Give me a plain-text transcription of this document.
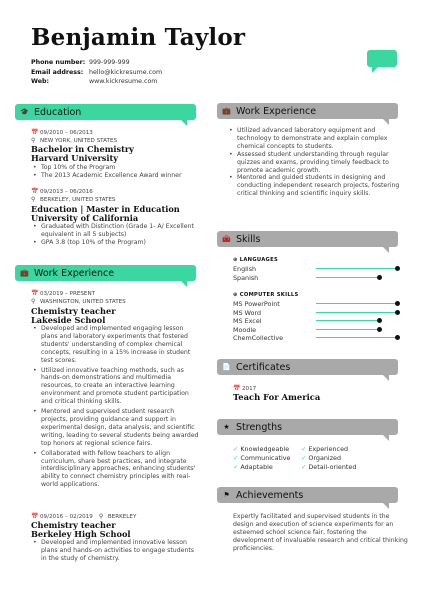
Benjamin Taylor
Phone number: 999-999-999
Email address: hello@kickresume.com
Web:	www.kickresume.com
🎓 Education
📅 09/2010 – 06/2013
⚲ NEW YORK, UNITED STATES
Bachelor in Chemistry
Harvard University
• Top 10% of the Program
• The 2013 Academic Excellence Award winner
📅 09/2013 – 06/2016
⚲ BERKELEY, UNITED STATES
Education | Master in Education
University of California
• Graduated with Distinction (Grade 1- A/ Excellent equivalent in all 5 subjects)
• GPA 3.8 (top 10% of the Program)
💼 Work Experience
📅 03/2019 – PRESENT
⚲ WASHINGTON, UNITED STATES
Chemistry teacher
Lakeside School
• Developed and implemented engaging lesson plans and laboratory experiments that fostered students' understanding of complex chemical concepts, resulting in a 15% increase in student test scores.
• Utilized innovative teaching methods, such as hands-on demonstrations and multimedia resources, to create an interactive learning environment and promote student participation and critical thinking skills.
• Mentored and supervised student research projects, providing guidance and support in experimental design, data analysis, and scientific writing, leading to several students being awarded top honors at regional science fairs.
• Collaborated with fellow teachers to align curriculum, share best practices, and integrate interdisciplinary approaches, enhancing students' ability to connect chemistry principles with real-world applications.
📅 09/2016 – 02/2019 ⚲ BERKELEY
Chemistry teacher
Berkeley High School
• Developed and implemented innovative lesson plans and hands-on activities to engage students in the study of chemistry.
💼 Work Experience
• Utilized advanced laboratory equipment and technology to demonstrate and explain complex chemical concepts to students.
• Assessed student understanding through regular quizzes and exams, providing timely feedback to promote academic growth.
• Mentored and guided students in designing and conducting independent research projects, fostering critical thinking and scientific inquiry skills.
🧰 Skills
⊕ LANGUAGES
English
Spanish
⊕ COMPUTER SKILLS
MS PowerPoint
MS Word
MS Excel
Moodle
ChemCollective
📄 Certificates
📅 2017
Teach For America
★ Strengths
✓ Knowledgeable ✓ Experienced
✓ Communicative ✓ Organized
✓ Adaptable	✓ Detail-oriented
⚑ Achievements
Expertly facilitated and supervised students in the design and execution of science experiments for an esteemed school science fair, fostering the development of invaluable research and critical thinking proficiencies.
